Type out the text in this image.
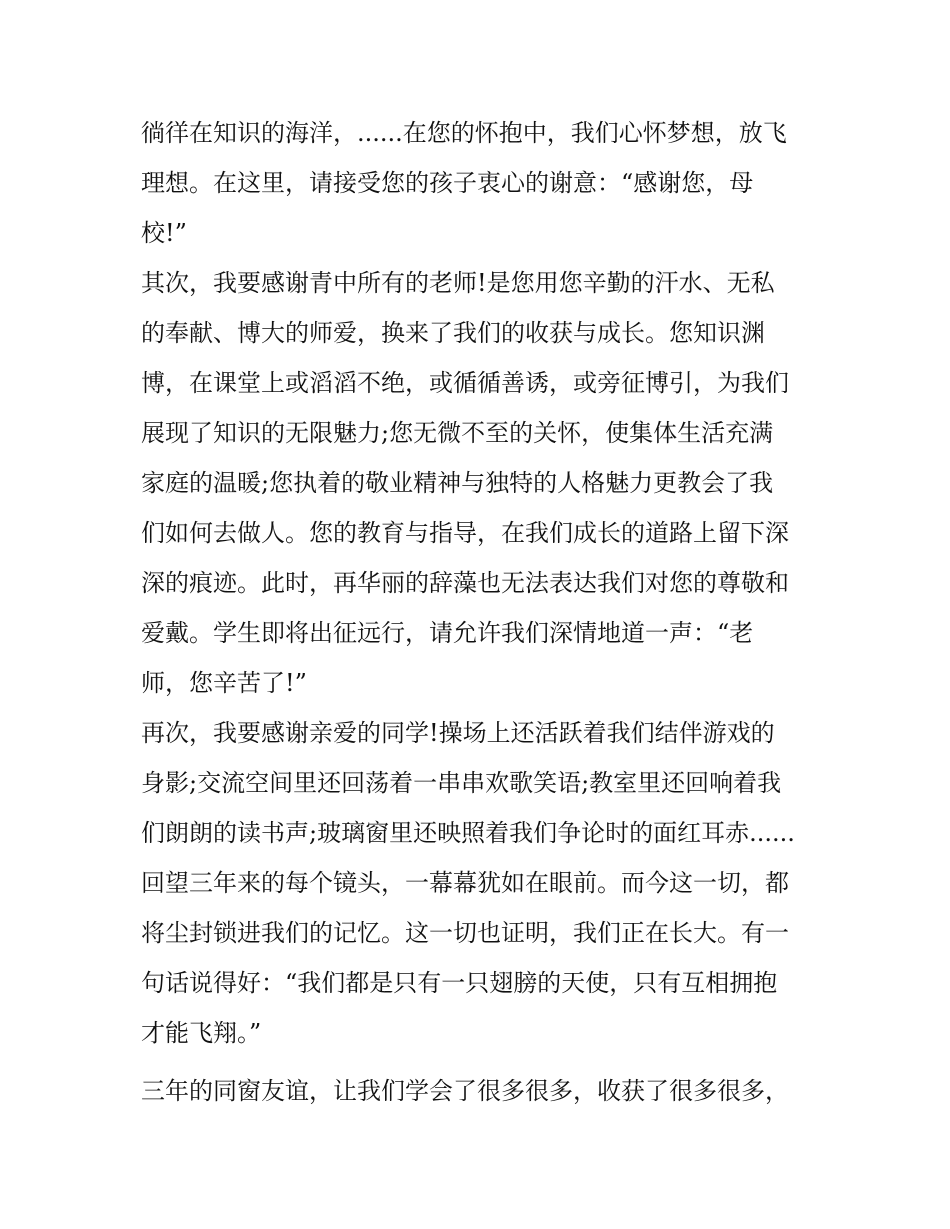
徜徉在知识的海洋，......在您的怀抱中，我们心怀梦想，放飞
理想。在这里，请接受您的孩子衷心的谢意：“感谢您，母
校!”
其次，我要感谢青中所有的老师!是您用您辛勤的汗水、无私
的奉献、博大的师爱，换来了我们的收获与成长。您知识渊
博，在课堂上或滔滔不绝，或循循善诱，或旁征博引，为我们
展现了知识的无限魅力;您无微不至的关怀，使集体生活充满
家庭的温暖;您执着的敬业精神与独特的人格魅力更教会了我
们如何去做人。您的教育与指导，在我们成长的道路上留下深
深的痕迹。此时，再华丽的辞藻也无法表达我们对您的尊敬和
爱戴。学生即将出征远行，请允许我们深情地道一声：“老
师，您辛苦了!”
再次，我要感谢亲爱的同学!操场上还活跃着我们结伴游戏的
身影;交流空间里还回荡着一串串欢歌笑语;教室里还回响着我
们朗朗的读书声;玻璃窗里还映照着我们争论时的面红耳赤......
回望三年来的每个镜头，一幕幕犹如在眼前。而今这一切，都
将尘封锁进我们的记忆。这一切也证明，我们正在长大。有一
句话说得好：“我们都是只有一只翅膀的天使，只有互相拥抱
才能飞翔。”
三年的同窗友谊，让我们学会了很多很多，收获了很多很多，
